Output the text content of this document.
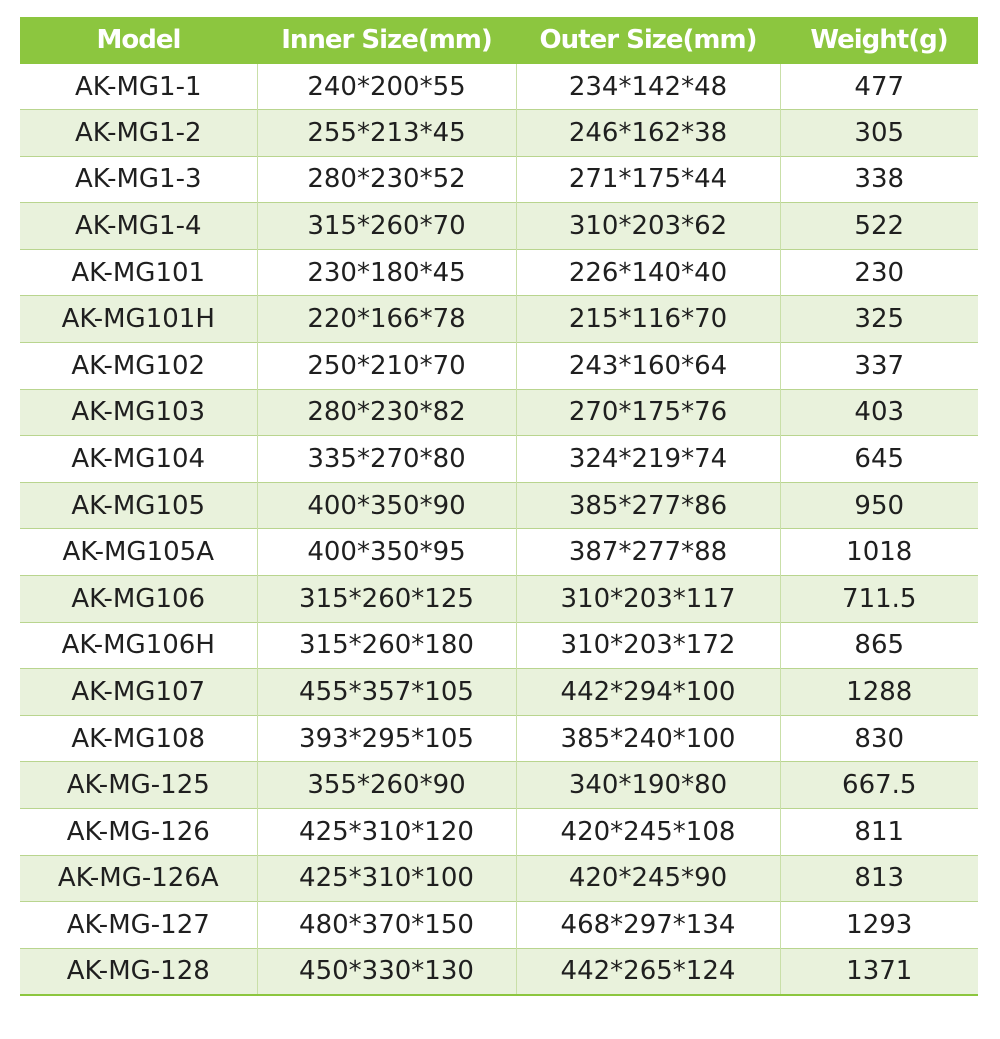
Model	Inner Size(mm)	Outer Size(mm)	Weight(g)
AK-MG1-1	240*200*55	234*142*48	477
AK-MG1-2	255*213*45	246*162*38	305
AK-MG1-3	280*230*52	271*175*44	338
AK-MG1-4	315*260*70	310*203*62	522
AK-MG101	230*180*45	226*140*40	230
AK-MG101H	220*166*78	215*116*70	325
AK-MG102	250*210*70	243*160*64	337
AK-MG103	280*230*82	270*175*76	403
AK-MG104	335*270*80	324*219*74	645
AK-MG105	400*350*90	385*277*86	950
AK-MG105A	400*350*95	387*277*88	1018
AK-MG106	315*260*125	310*203*117	711.5
AK-MG106H	315*260*180	310*203*172	865
AK-MG107	455*357*105	442*294*100	1288
AK-MG108	393*295*105	385*240*100	830
AK-MG-125	355*260*90	340*190*80	667.5
AK-MG-126	425*310*120	420*245*108	811
AK-MG-126A	425*310*100	420*245*90	813
AK-MG-127	480*370*150	468*297*134	1293
AK-MG-128	450*330*130	442*265*124	1371
